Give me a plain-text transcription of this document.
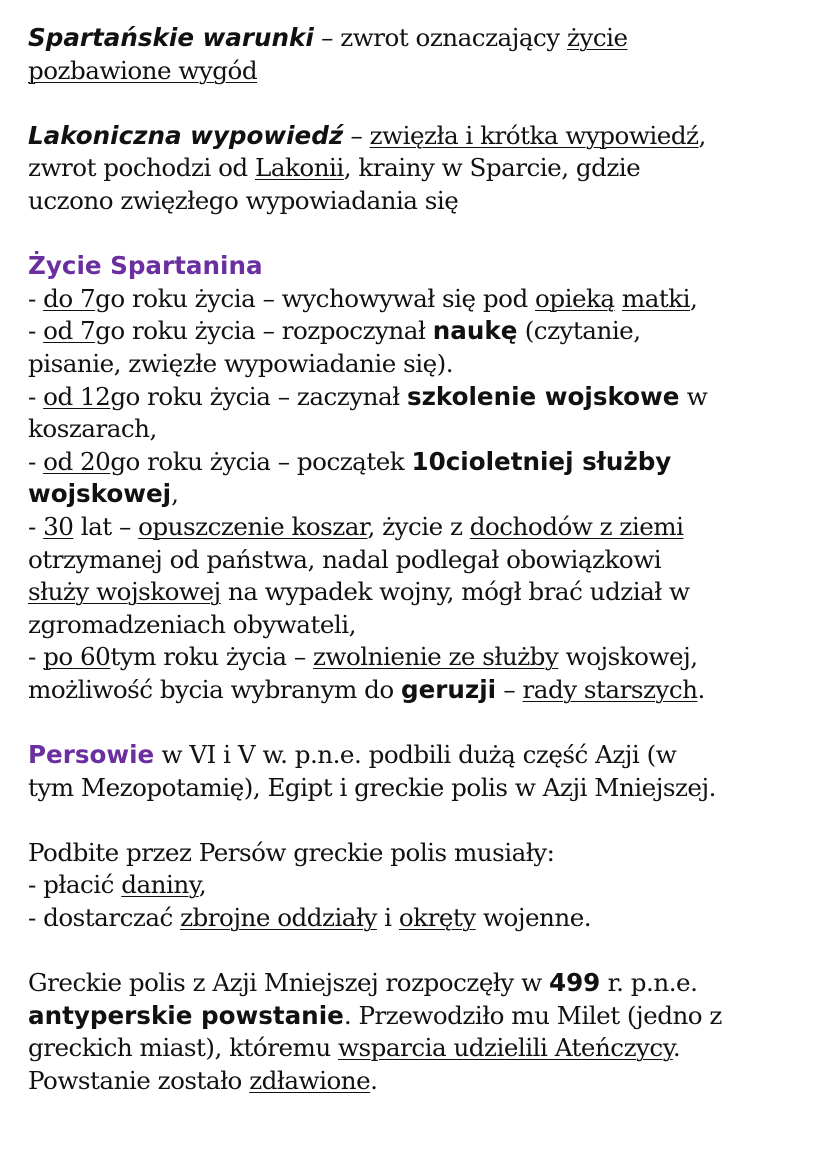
Spartańskie warunki – zwrot oznaczający życie
pozbawione wygód

Lakoniczna wypowiedź – zwięzła i krótka wypowiedź,
zwrot pochodzi od Lakonii, krainy w Sparcie, gdzie
uczono zwięzłego wypowiadania się

Życie Spartanina
- do 7go roku życia – wychowywał się pod opieką matki,
- od 7go roku życia – rozpoczynał naukę (czytanie,
pisanie, zwięzłe wypowiadanie się).
- od 12go roku życia – zaczynał szkolenie wojskowe w
koszarach,
- od 20go roku życia – początek 10cioletniej służby
wojskowej,
- 30 lat – opuszczenie koszar, życie z dochodów z ziemi
otrzymanej od państwa, nadal podlegał obowiązkowi
służy wojskowej na wypadek wojny, mógł brać udział w
zgromadzeniach obywateli,
- po 60tym roku życia – zwolnienie ze służby wojskowej,
możliwość bycia wybranym do geruzji – rady starszych.

Persowie w VI i V w. p.n.e. podbili dużą część Azji (w
tym Mezopotamię), Egipt i greckie polis w Azji Mniejszej.

Podbite przez Persów greckie polis musiały:
- płacić daniny,
- dostarczać zbrojne oddziały i okręty wojenne.

Greckie polis z Azji Mniejszej rozpoczęły w 499 r. p.n.e.
antyperskie powstanie. Przewodziło mu Milet (jedno z
greckich miast), któremu wsparcia udzielili Ateńczycy.
Powstanie zostało zdławione.
